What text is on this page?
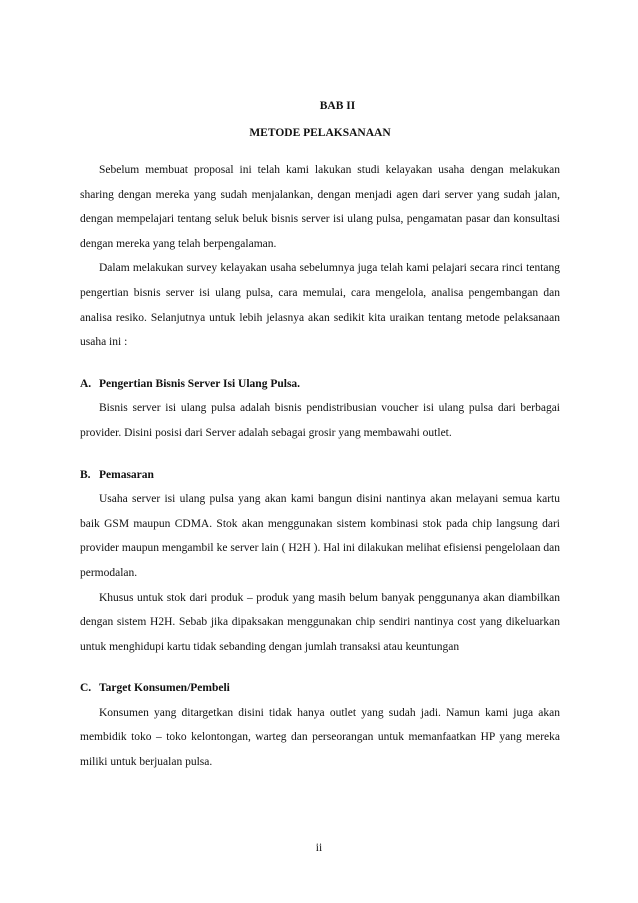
BAB II
METODE PELAKSANAAN

Sebelum membuat proposal ini telah kami lakukan studi kelayakan usaha dengan melakukan sharing dengan mereka yang sudah menjalankan, dengan menjadi agen dari server yang sudah jalan, dengan mempelajari tentang seluk beluk bisnis server isi ulang pulsa, pengamatan pasar dan konsultasi dengan mereka yang telah berpengalaman.

Dalam melakukan survey kelayakan usaha sebelumnya juga telah kami pelajari secara rinci tentang pengertian bisnis server isi ulang pulsa, cara memulai, cara mengelola, analisa pengembangan dan analisa resiko. Selanjutnya untuk lebih jelasnya akan sedikit kita uraikan tentang metode pelaksanaan usaha ini :

A. Pengertian Bisnis Server Isi Ulang Pulsa.

Bisnis server isi ulang pulsa adalah bisnis pendistribusian voucher isi ulang pulsa dari berbagai provider. Disini posisi dari Server adalah sebagai grosir yang membawahi outlet.

B. Pemasaran

Usaha server isi ulang pulsa yang akan kami bangun disini nantinya akan melayani semua kartu baik GSM maupun CDMA. Stok akan menggunakan sistem kombinasi stok pada chip langsung dari provider maupun mengambil ke server lain ( H2H ). Hal ini dilakukan melihat efisiensi pengelolaan dan permodalan.

Khusus untuk stok dari produk – produk yang masih belum banyak penggunanya akan diambilkan dengan sistem H2H. Sebab jika dipaksakan menggunakan chip sendiri nantinya cost yang dikeluarkan untuk menghidupi kartu tidak sebanding dengan jumlah transaksi atau keuntungan

C. Target Konsumen/Pembeli

Konsumen yang ditargetkan disini tidak hanya outlet yang sudah jadi. Namun kami juga akan membidik toko – toko kelontongan, warteg dan perseorangan untuk memanfaatkan HP yang mereka miliki untuk berjualan pulsa.

ii
